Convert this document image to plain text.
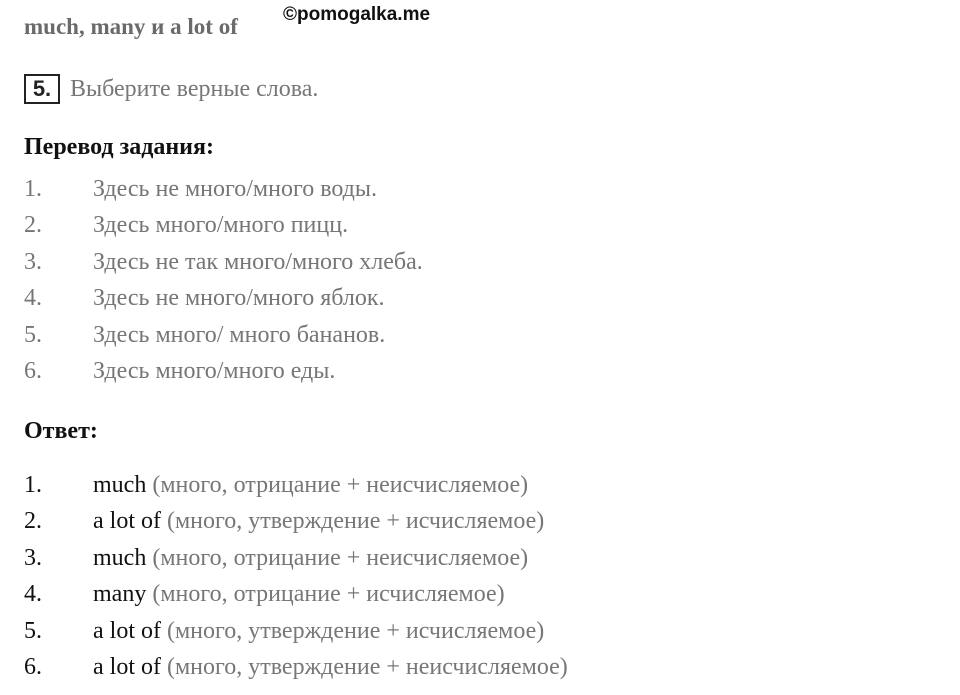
much, many и a lot of ©pomogalka.me
5. Выберите верные слова.
Перевод задания:
1. Здесь не много/много воды.
2. Здесь много/много пицц.
3. Здесь не так много/много хлеба.
4. Здесь не много/много яблок.
5. Здесь много/ много бананов.
6. Здесь много/много еды.
Ответ:
1. much (много, отрицание + неисчисляемое)
2. a lot of (много, утверждение + исчисляемое)
3. much (много, отрицание + неисчисляемое)
4. many (много, отрицание + исчисляемое)
5. a lot of (много, утверждение + исчисляемое)
6. a lot of (много, утверждение + неисчисляемое)
